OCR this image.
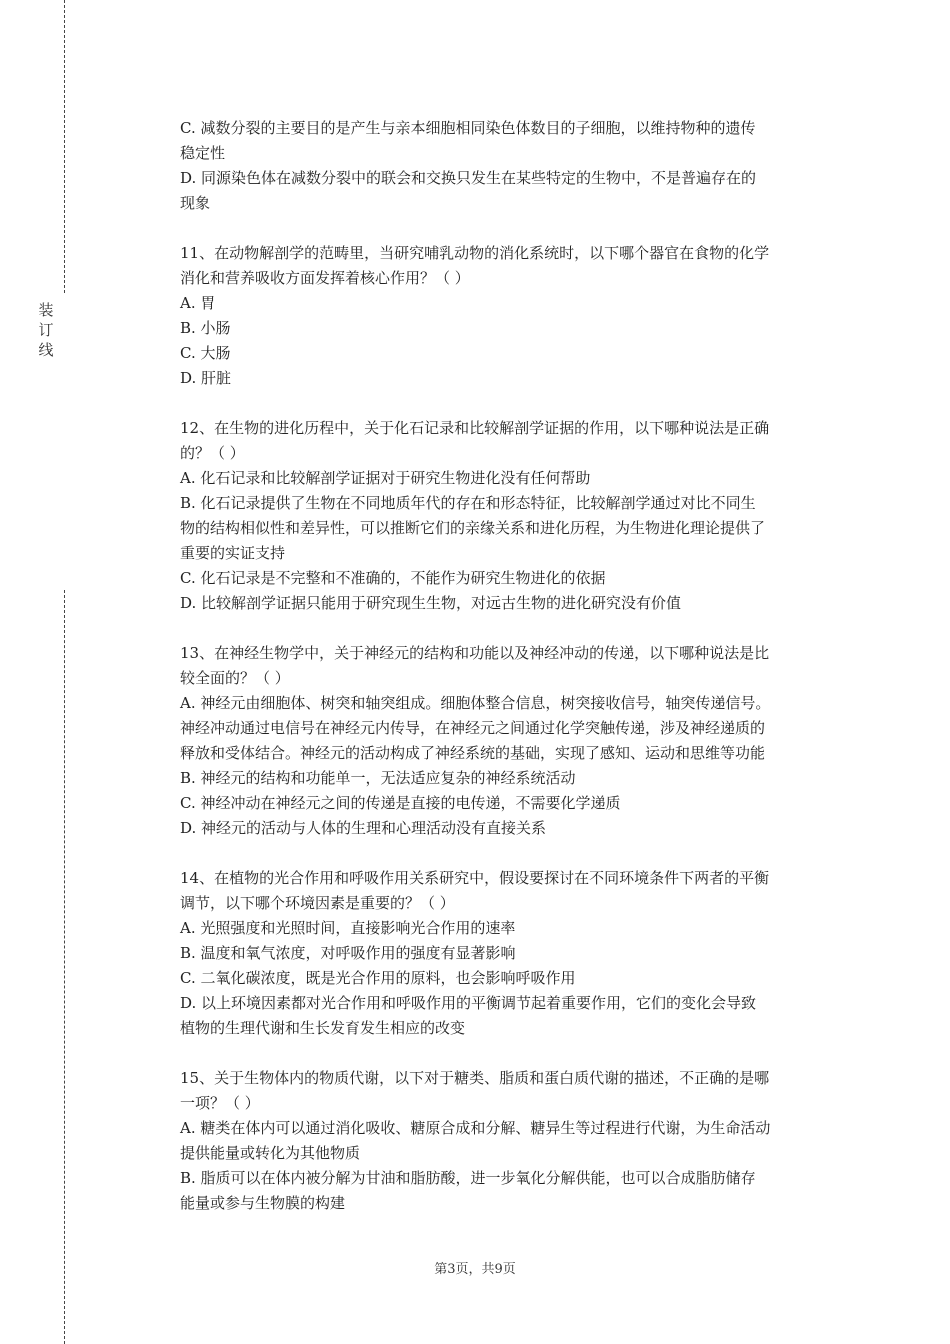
装
订
线
C. 减数分裂的主要目的是产生与亲本细胞相同染色体数目的子细胞，以维持物种的遗传
稳定性
D. 同源染色体在减数分裂中的联会和交换只发生在某些特定的生物中，不是普遍存在的
现象
11、在动物解剖学的范畴里，当研究哺乳动物的消化系统时，以下哪个器官在食物的化学
消化和营养吸收方面发挥着核心作用？（ ）
A. 胃
B. 小肠
C. 大肠
D. 肝脏
12、在生物的进化历程中，关于化石记录和比较解剖学证据的作用，以下哪种说法是正确
的？（ ）
A. 化石记录和比较解剖学证据对于研究生物进化没有任何帮助
B. 化石记录提供了生物在不同地质年代的存在和形态特征，比较解剖学通过对比不同生
物的结构相似性和差异性，可以推断它们的亲缘关系和进化历程，为生物进化理论提供了
重要的实证支持
C. 化石记录是不完整和不准确的，不能作为研究生物进化的依据
D. 比较解剖学证据只能用于研究现生生物，对远古生物的进化研究没有价值
13、在神经生物学中，关于神经元的结构和功能以及神经冲动的传递，以下哪种说法是比
较全面的？（ ）
A. 神经元由细胞体、树突和轴突组成。细胞体整合信息，树突接收信号，轴突传递信号。
神经冲动通过电信号在神经元内传导，在神经元之间通过化学突触传递，涉及神经递质的
释放和受体结合。神经元的活动构成了神经系统的基础，实现了感知、运动和思维等功能
B. 神经元的结构和功能单一，无法适应复杂的神经系统活动
C. 神经冲动在神经元之间的传递是直接的电传递，不需要化学递质
D. 神经元的活动与人体的生理和心理活动没有直接关系
14、在植物的光合作用和呼吸作用关系研究中，假设要探讨在不同环境条件下两者的平衡
调节，以下哪个环境因素是重要的？（ ）
A. 光照强度和光照时间，直接影响光合作用的速率
B. 温度和氧气浓度，对呼吸作用的强度有显著影响
C. 二氧化碳浓度，既是光合作用的原料，也会影响呼吸作用
D. 以上环境因素都对光合作用和呼吸作用的平衡调节起着重要作用，它们的变化会导致
植物的生理代谢和生长发育发生相应的改变
15、关于生物体内的物质代谢，以下对于糖类、脂质和蛋白质代谢的描述，不正确的是哪
一项？（ ）
A. 糖类在体内可以通过消化吸收、糖原合成和分解、糖异生等过程进行代谢，为生命活动
提供能量或转化为其他物质
B. 脂质可以在体内被分解为甘油和脂肪酸，进一步氧化分解供能，也可以合成脂肪储存
能量或参与生物膜的构建
第3页，共9页
